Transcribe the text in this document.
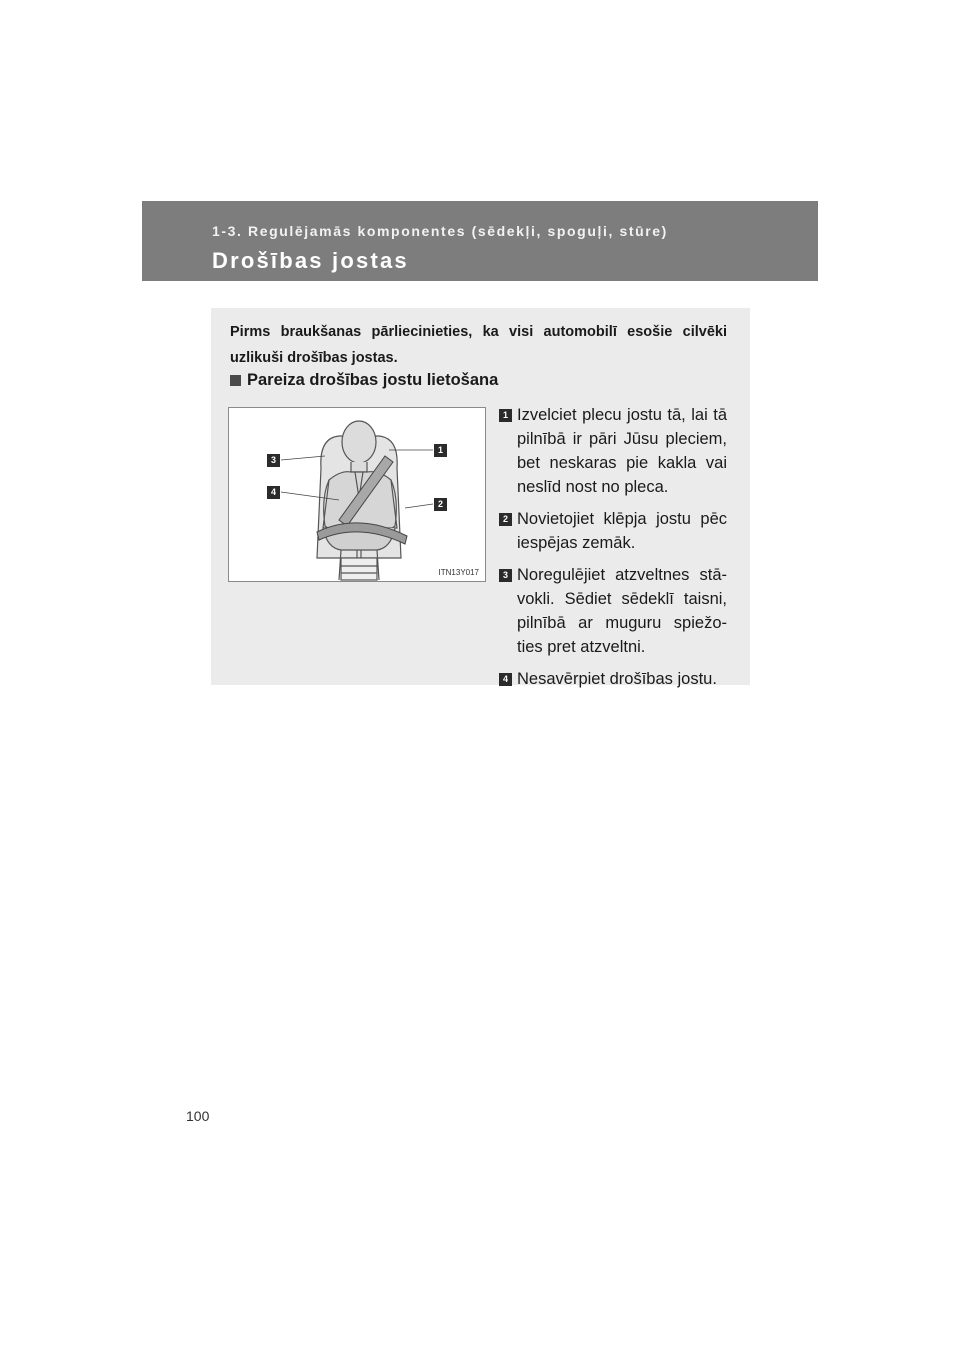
1-3. Regulējamās komponentes (sēdekļi, spoguļi, stūre)
Drošības jostas
Pirms braukšanas pārliecinieties, ka visi automobilī esošie cilvēki uzlikuši drošības jostas.
Pareiza drošības jostu lietošana
3
4
1
2
ITN13Y017
1 Izvelciet plecu jostu tā, lai tā pilnībā ir pāri Jūsu pleciem, bet neskaras pie kakla vai neslīd nost no pleca.
2 Novietojiet klēpja jostu pēc iespējas zemāk.
3 Noregulējiet atzveltnes stā-vokli. Sēdiet sēdeklī taisni, pilnībā ar muguru spiežo-ties pret atzveltni.
4 Nesavērpiet drošības jostu.
100
